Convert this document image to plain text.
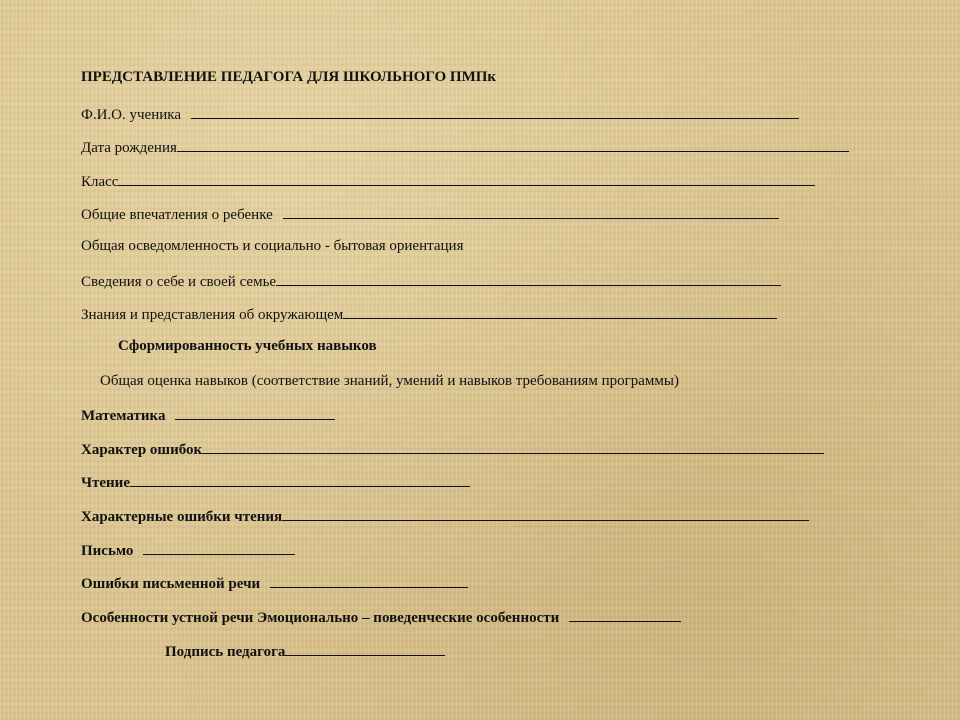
ПРЕДСТАВЛЕНИЕ ПЕДАГОГА ДЛЯ ШКОЛЬНОГО ПМПк
Ф.И.О. ученика
Дата рождения
Класс
Общие впечатления о ребенке
Общая осведомленность и социально - бытовая ориентация
Сведения о себе и своей семье
Знания и представления об окружающем
Сформированность учебных навыков
Общая оценка навыков (соответствие знаний, умений и навыков требованиям программы)
Математика
Характер ошибок
Чтение
Характерные ошибки чтения
Письмо
Ошибки письменной речи
Особенности устной речи Эмоционально – поведенческие особенности
Подпись педагога
